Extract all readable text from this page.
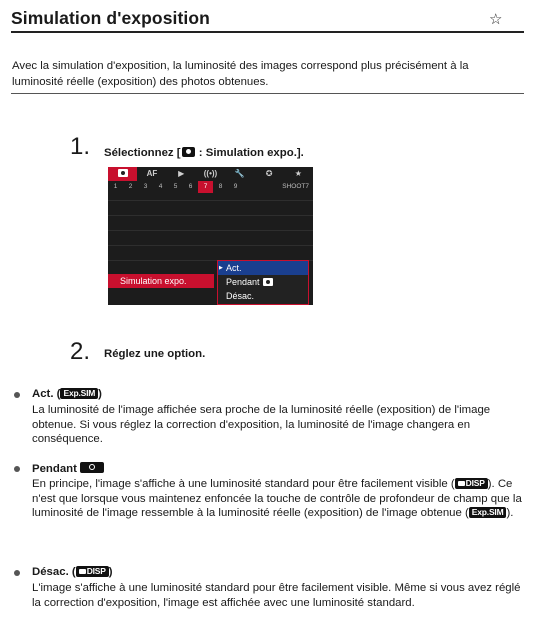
Simulation d'exposition	☆
Avec la simulation d'exposition, la luminosité des images correspond plus précisément à la luminosité réelle (exposition) des photos obtenues.
1. Sélectionnez [ : Simulation expo.].
AF	▶	((•))	🔧	✪	★
1	2	3	4	5	6	7	8	9	SHOOT7
Simulation expo.
▶ Act.
Pendant
Désac.
2. Réglez une option.
Act. ( Exp.SIM )
La luminosité de l'image affichée sera proche de la luminosité réelle (exposition) de l'image obtenue. Si vous réglez la correction d'exposition, la luminosité de l'image changera en conséquence.
Pendant
En principe, l'image s'affiche à une luminosité standard pour être facilement visible ( DISP ). Ce n'est que lorsque vous maintenez enfoncée la touche de contrôle de profondeur de champ que la luminosité de l'image ressemble à la luminosité réelle (exposition) de l'image obtenue ( Exp.SIM ).
Désac. ( DISP )
L'image s'affiche à une luminosité standard pour être facilement visible. Même si vous avez réglé la correction d'exposition, l'image est affichée avec une luminosité standard.
